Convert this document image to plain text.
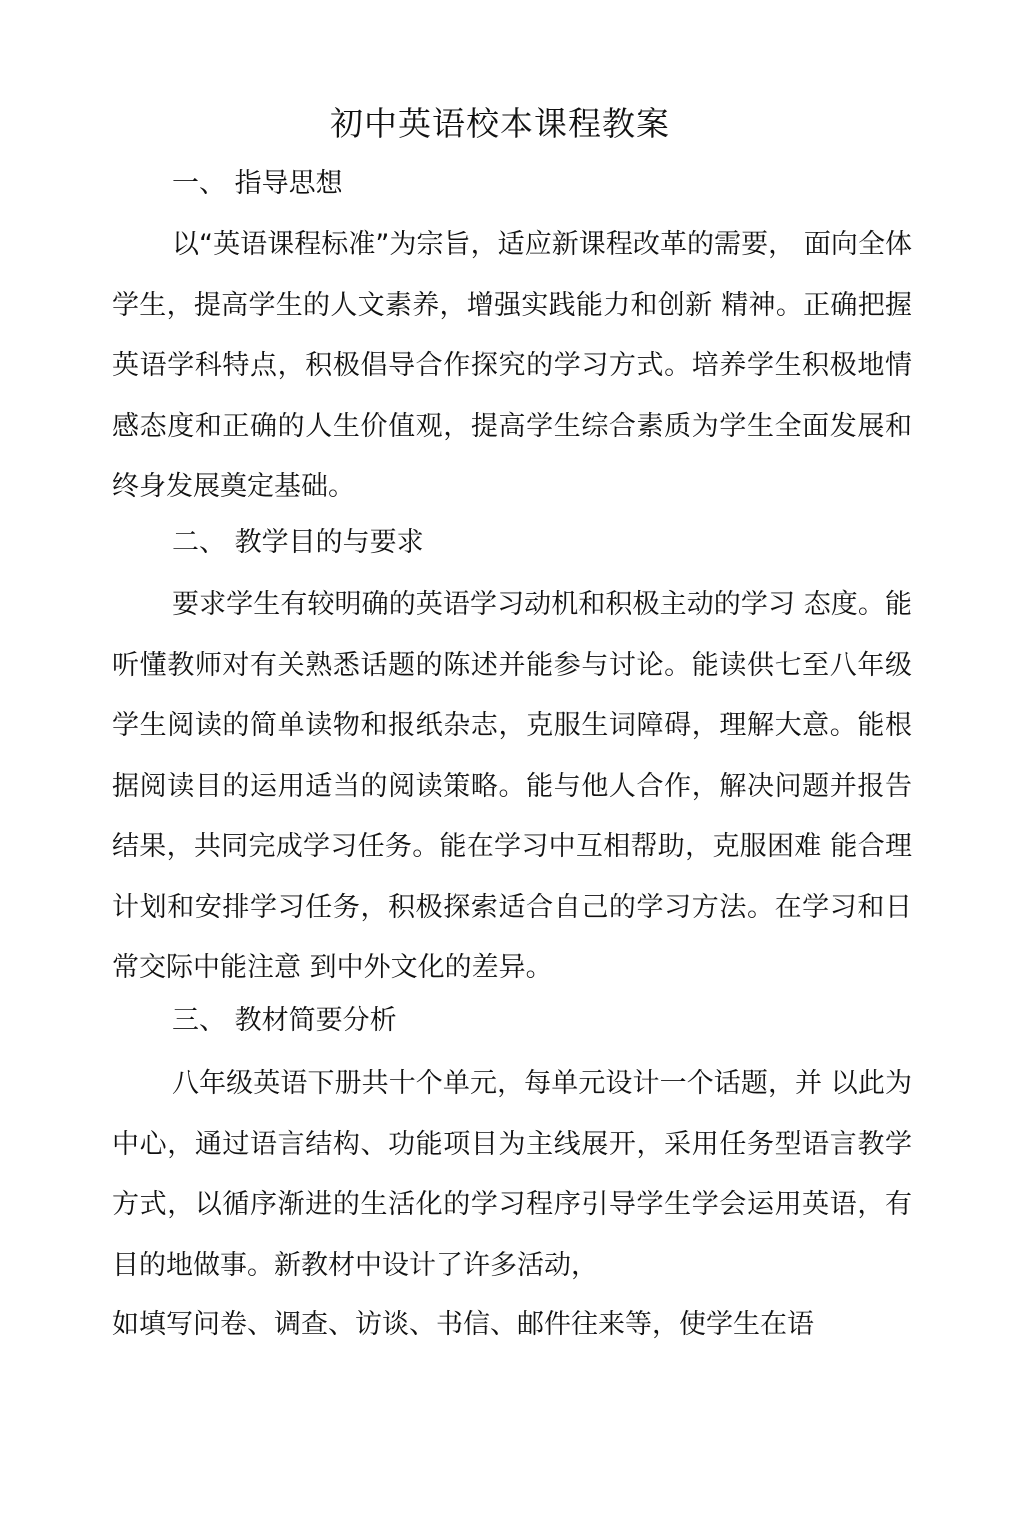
初中英语校本课程教案
一、 指导思想

以“英语课程标准”为宗旨，适应新课程改革的需要， 面向全体学生，提高学生的人文素养，增强实践能力和创新 精神。正确把握英语学科特点，积极倡导合作探究的学习方式。培养学生积极地情感态度和正确的人生价值观，提高学生综合素质为学生全面发展和终身发展奠定基础。

二、 教学目的与要求

要求学生有较明确的英语学习动机和积极主动的学习 态度。能听懂教师对有关熟悉话题的陈述并能参与讨论。能读供七至八年级学生阅读的简单读物和报纸杂志，克服生词障碍，理解大意。能根据阅读目的运用适当的阅读策略。能与他人合作，解决问题并报告结果，共同完成学习任务。能在学习中互相帮助，克服困难 能合理计划和安排学习任务，积极探索适合自己的学习方法。在学习和日常交际中能注意 到中外文化的差异。

三、 教材简要分析

八年级英语下册共十个单元，每单元设计一个话题，并 以此为中心，通过语言结构、功能项目为主线展开，采用任务型语言教学方式，以循序渐进的生活化的学习程序引导学生学会运用英语，有目的地做事。新教材中设计了许多活动，

如填写问卷、调查、访谈、书信、邮件往来等，使学生在语
